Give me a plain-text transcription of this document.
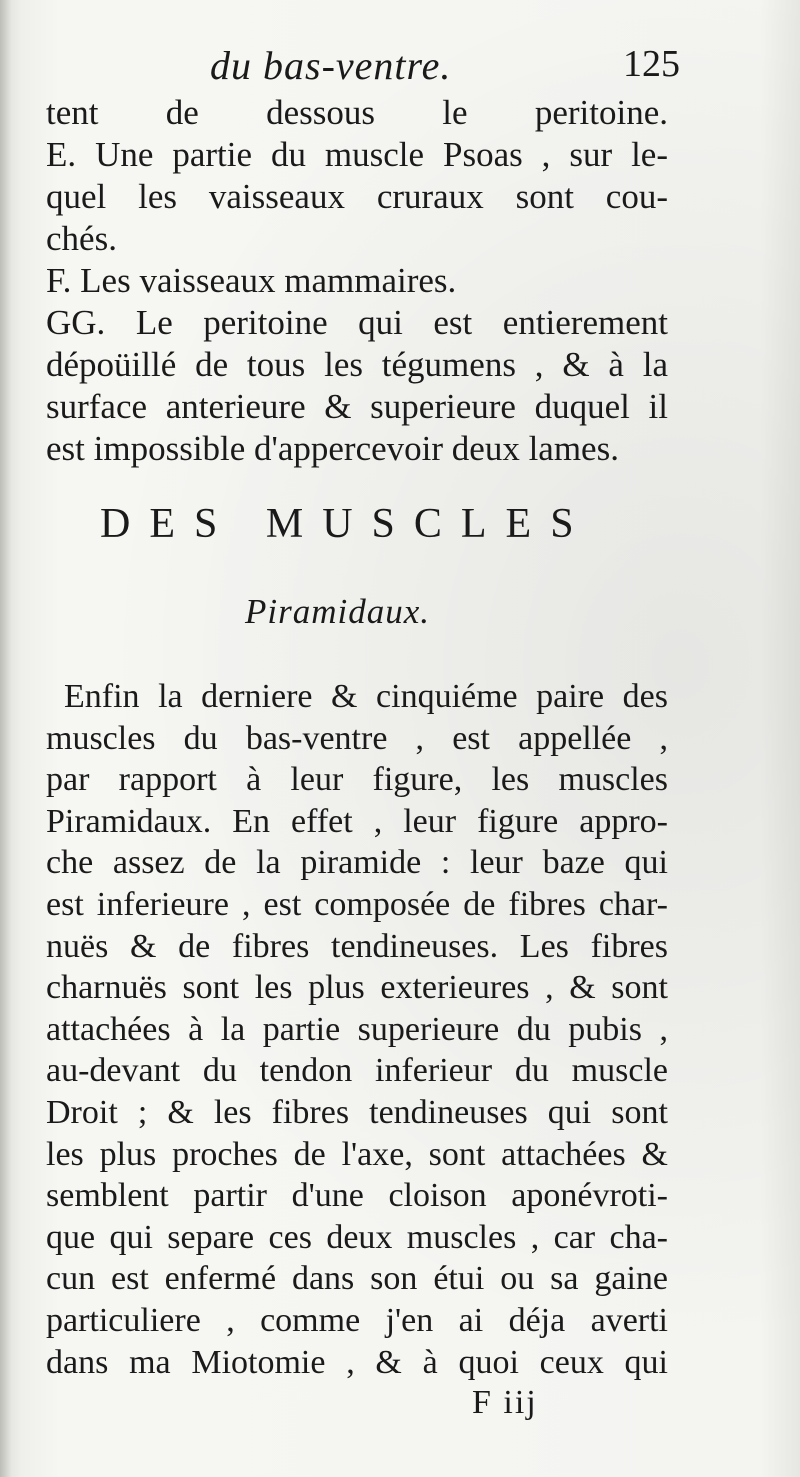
du bas-ventre.	125
tent de dessous le peritoine.
E. Une partie du muscle Psoas , sur le-
quel les vaisseaux cruraux sont cou-
chés.
F. Les vaisseaux mammaires.
GG. Le peritoine qui est entierement
dépoüillé de tous les tégumens , & à la
surface anterieure & superieure duquel il
est impossible d'appercevoir deux lames.
DES MUSCLES
Piramidaux.
Enfin la derniere & cinquiéme paire des
muscles du bas-ventre , est appellée ,
par rapport à leur figure, les muscles
Piramidaux. En effet , leur figure appro-
che assez de la piramide : leur baze qui
est inferieure , est composée de fibres char-
nuës & de fibres tendineuses. Les fibres
charnuës sont les plus exterieures , & sont
attachées à la partie superieure du pubis ,
au-devant du tendon inferieur du muscle
Droit ; & les fibres tendineuses qui sont
les plus proches de l'axe, sont attachées &
semblent partir d'une cloison aponévroti-
que qui separe ces deux muscles , car cha-
cun est enfermé dans son étui ou sa gaine
particuliere , comme j'en ai déja averti
dans ma Miotomie , & à quoi ceux qui
F iij
